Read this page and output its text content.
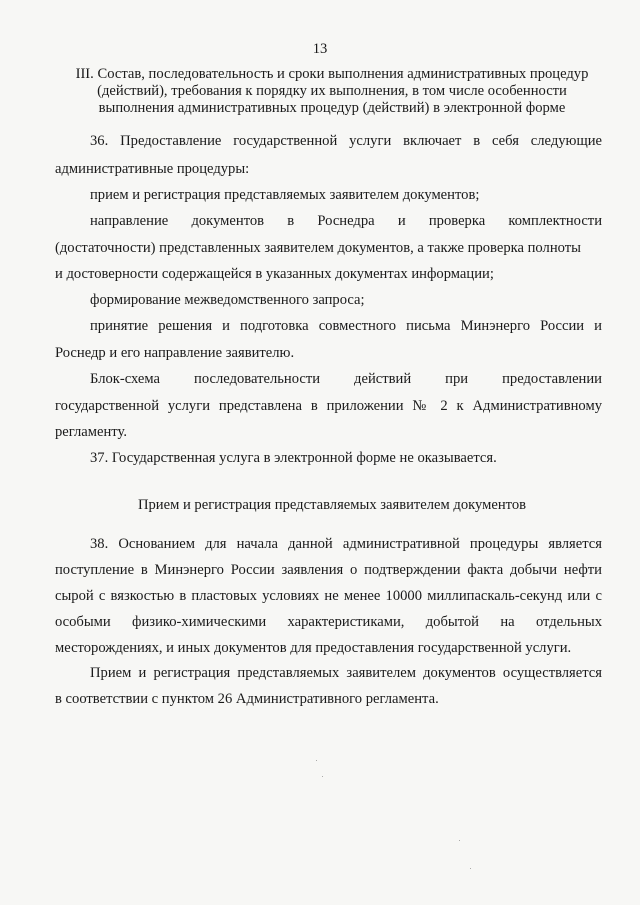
13
III. Состав, последовательность и сроки выполнения административных процедур
(действий), требования к порядку их выполнения, в том числе особенности
выполнения административных процедур (действий) в электронной форме
36. Предоставление государственной услуги включает в себя следующие
административные процедуры:
прием и регистрация представляемых заявителем документов;
направление документов в Роснедра и проверка комплектности
(достаточности) представленных заявителем документов, а также проверка полноты
и достоверности содержащейся в указанных документах информации;
формирование межведомственного запроса;
принятие решения и подготовка совместного письма Минэнерго России и
Роснедр и его направление заявителю.
Блок-схема последовательности действий при предоставлении
государственной услуги представлена в приложении № 2 к Административному
регламенту.
37. Государственная услуга в электронной форме не оказывается.
Прием и регистрация представляемых заявителем документов
38. Основанием для начала данной административной процедуры является
поступление в Минэнерго России заявления о подтверждении факта добычи нефти
сырой с вязкостью в пластовых условиях не менее 10000 миллипаскаль-секунд или с
особыми физико-химическими характеристиками, добытой на отдельных
месторождениях, и иных документов для предоставления государственной услуги.
Прием и регистрация представляемых заявителем документов осуществляется
в соответствии с пунктом 26 Административного регламента.
